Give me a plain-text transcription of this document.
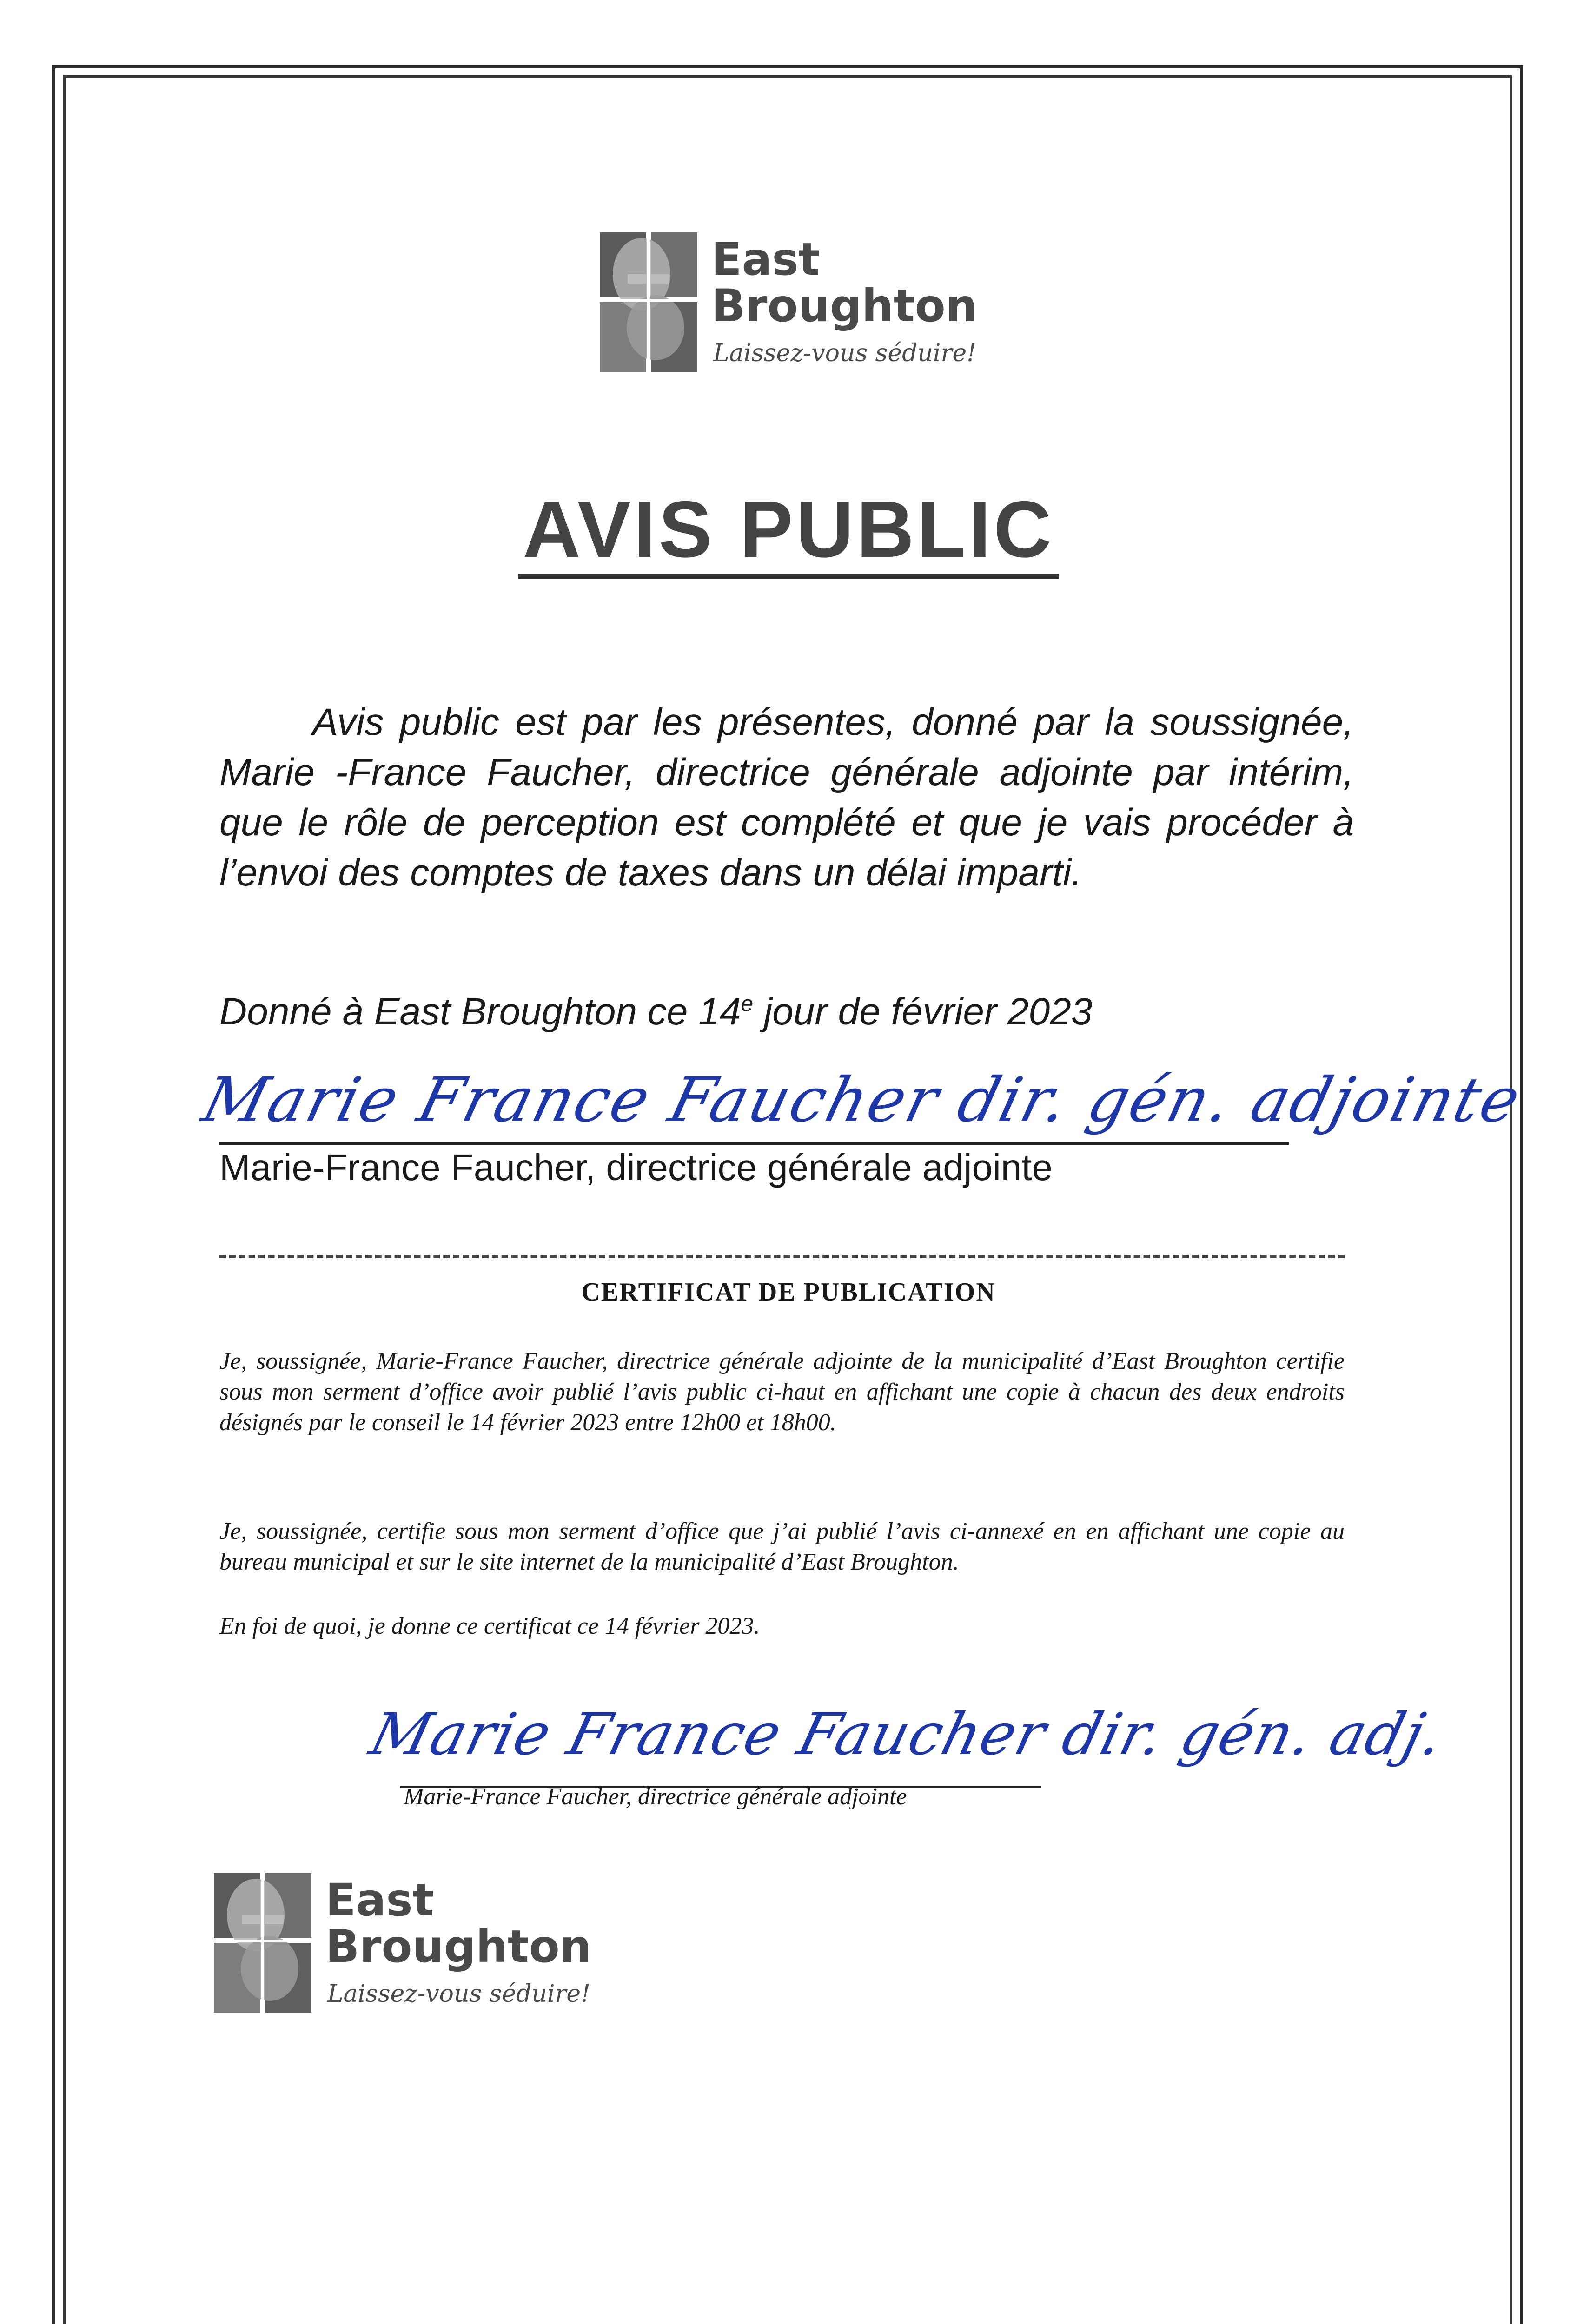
East
Broughton
Laissez-vous séduire!
AVIS PUBLIC
Avis public est par les présentes, donné par la soussignée, Marie -France Faucher, directrice générale adjointe par intérim, que le rôle de perception est complété et que je vais procéder à l’envoi des comptes de taxes dans un délai imparti.
Donné à East Broughton ce 14e jour de février 2023
Marie France Faucher dir. gén. adjointe
Marie-France Faucher, directrice générale adjointe
CERTIFICAT DE PUBLICATION
Je, soussignée, Marie-France Faucher, directrice générale adjointe de la municipalité d’East Broughton certifie sous mon serment d’office avoir publié l’avis public ci-haut en affichant une copie à chacun des deux endroits désignés par le conseil le 14 février 2023 entre 12h00 et 18h00.
Je, soussignée, certifie sous mon serment d’office que j’ai publié l’avis ci-annexé en en affichant une copie au bureau municipal et sur le site internet de la municipalité d’East Broughton.
En foi de quoi, je donne ce certificat ce 14 février 2023.
Marie France Faucher dir. gén. adj.
Marie-France Faucher, directrice générale adjointe
East
Broughton
Laissez-vous séduire!
